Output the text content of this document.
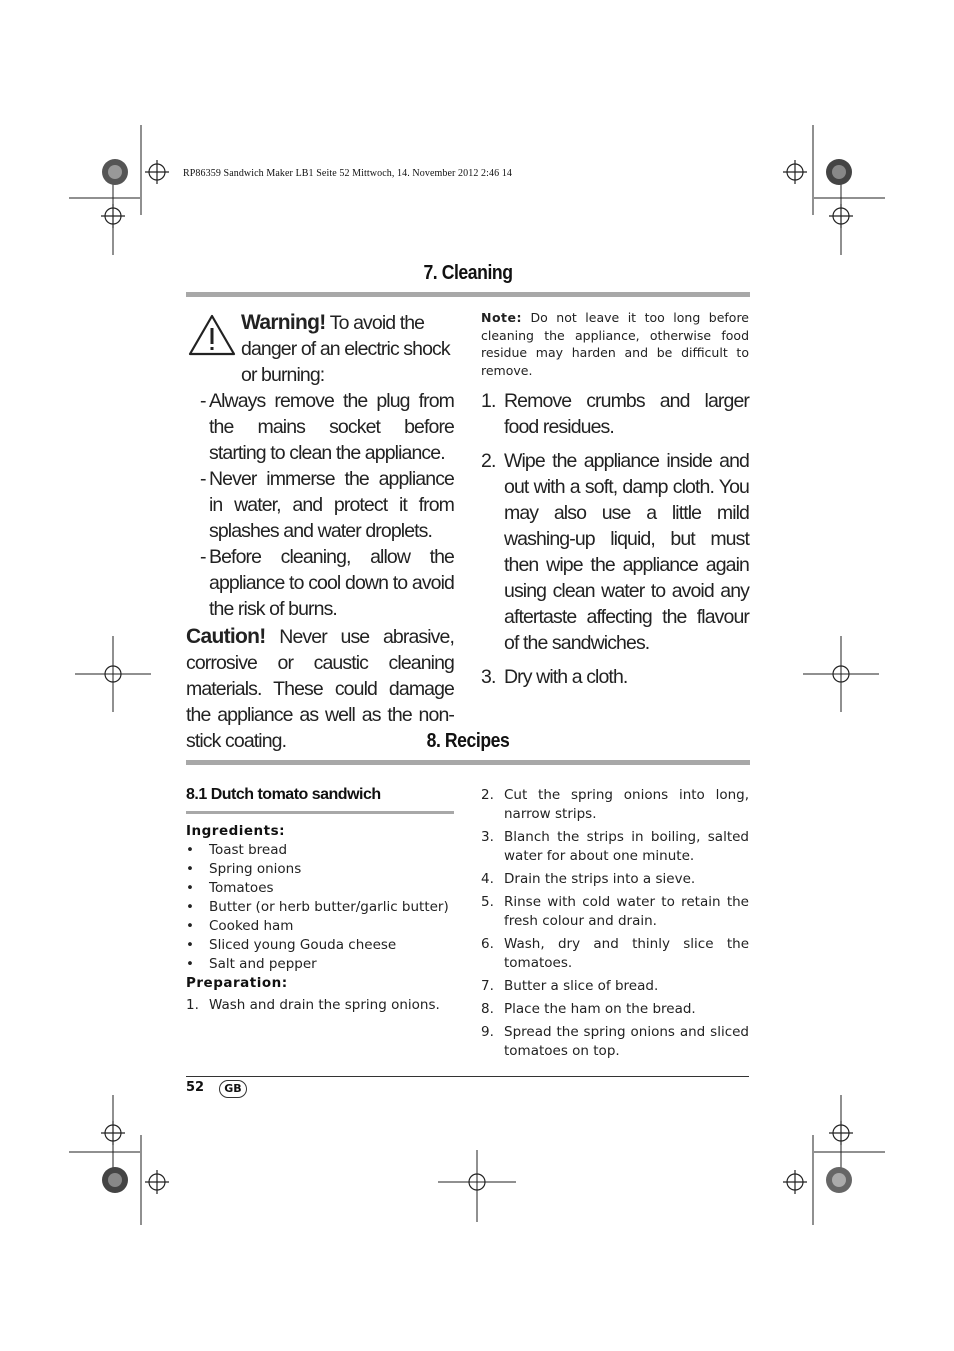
RP86359 Sandwich Maker LB1 Seite 52 Mittwoch, 14. November 2012 2:46 14
7. Cleaning

Warning! To avoid the danger of an electric shock or burning:

- Always remove the plug from the mains socket before starting to clean the appliance.

- Never immerse the appliance in water, and protect it from splashes and water droplets.

- Before cleaning, allow the appliance to cool down to avoid the risk of burns.

Caution! Never use abrasive, corrosive or caustic cleaning materials. These could damage the appliance as well as the non-stick coating.

Note: Do not leave it too long before cleaning the appliance, otherwise food residue may harden and be difficult to remove.

1. Remove crumbs and larger food residues.

2. Wipe the appliance inside and out with a soft, damp cloth. You may also use a little mild washing-up liquid, but must then wipe the appliance again using clean water to avoid any aftertaste affecting the flavour of the sandwiches.

3. Dry with a cloth.

8. Recipes
8.1 Dutch tomato sandwich
Ingredients:

• Toast bread

• Spring onions

• Tomatoes

• Butter (or herb butter/garlic butter)

• Cooked ham

• Sliced young Gouda cheese

• Salt and pepper

Preparation:

1. Wash and drain the spring onions.

2. Cut the spring onions into long, narrow strips.

3. Blanch the strips in boiling, salted water for about one minute.

4. Drain the strips into a sieve.

5. Rinse with cold water to retain the fresh colour and drain.

6. Wash, dry and thinly slice the tomatoes.

7. Butter a slice of bread.

8. Place the ham on the bread.

9. Spread the spring onions and sliced tomatoes on top.

52	GB
